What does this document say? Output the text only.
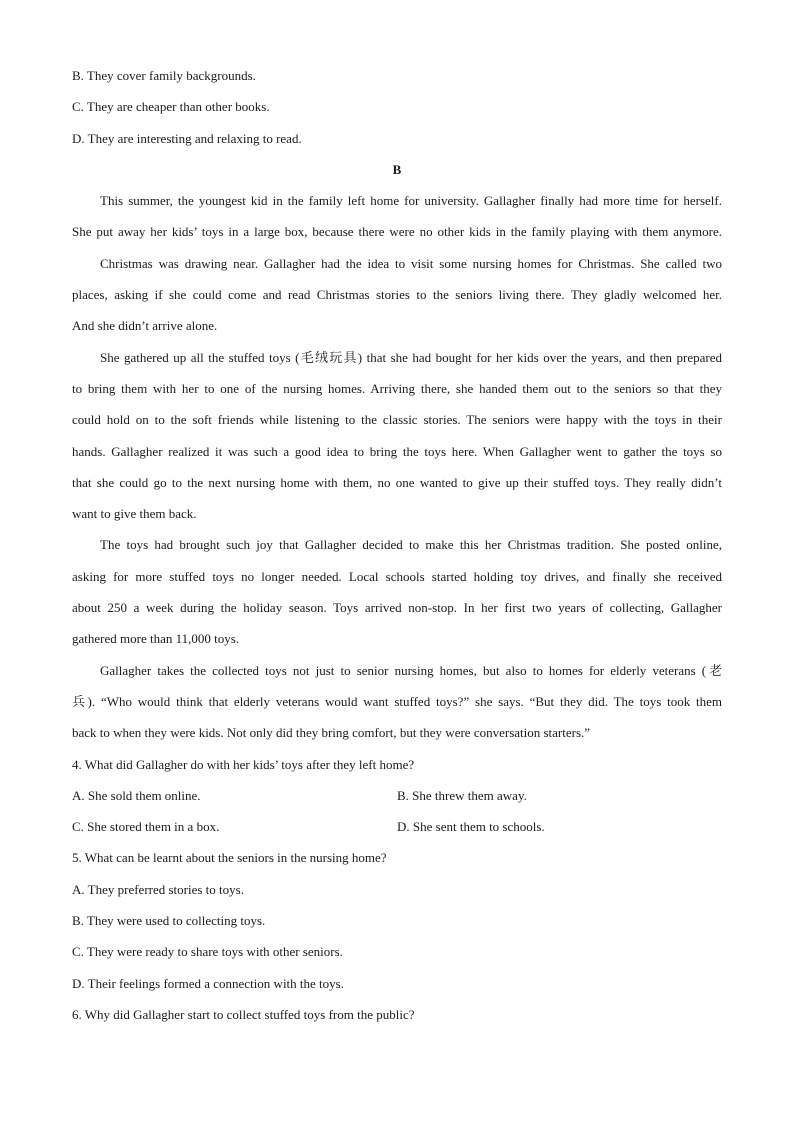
B. They cover family backgrounds.

C. They are cheaper than other books.

D. They are interesting and relaxing to read.

B

This summer, the youngest kid in the family left home for university. Gallagher finally had more time for herself.

She put away her kids’ toys in a large box, because there were no other kids in the family playing with them anymore.

Christmas was drawing near. Gallagher had the idea to visit some nursing homes for Christmas. She called two

places, asking if she could come and read Christmas stories to the seniors living there. They gladly welcomed her.

And she didn’t arrive alone.

She gathered up all the stuffed toys (毛绒玩具) that she had bought for her kids over the years, and then prepared

to bring them with her to one of the nursing homes. Arriving there, she handed them out to the seniors so that they

could hold on to the soft friends while listening to the classic stories. The seniors were happy with the toys in their

hands. Gallagher realized it was such a good idea to bring the toys here. When Gallagher went to gather the toys so

that she could go to the next nursing home with them, no one wanted to give up their stuffed toys. They really didn’t

want to give them back.

The toys had brought such joy that Gallagher decided to make this her Christmas tradition. She posted online,

asking for more stuffed toys no longer needed. Local schools started holding toy drives, and finally she received

about 250 a week during the holiday season. Toys arrived non-stop. In her first two years of collecting, Gallagher

gathered more than 11,000 toys.

Gallagher takes the collected toys not just to senior nursing homes, but also to homes for elderly veterans (老

兵). “Who would think that elderly veterans would want stuffed toys?” she says. “But they did. The toys took them

back to when they were kids. Not only did they bring comfort, but they were conversation starters.”

4. What did Gallagher do with her kids’ toys after they left home?

A. She sold them online.	B. She threw them away.
C. She stored them in a box.	D. She sent them to schools.

5. What can be learnt about the seniors in the nursing home?

A. They preferred stories to toys.

B. They were used to collecting toys.

C. They were ready to share toys with other seniors.

D. Their feelings formed a connection with the toys.

6. Why did Gallagher start to collect stuffed toys from the public?
